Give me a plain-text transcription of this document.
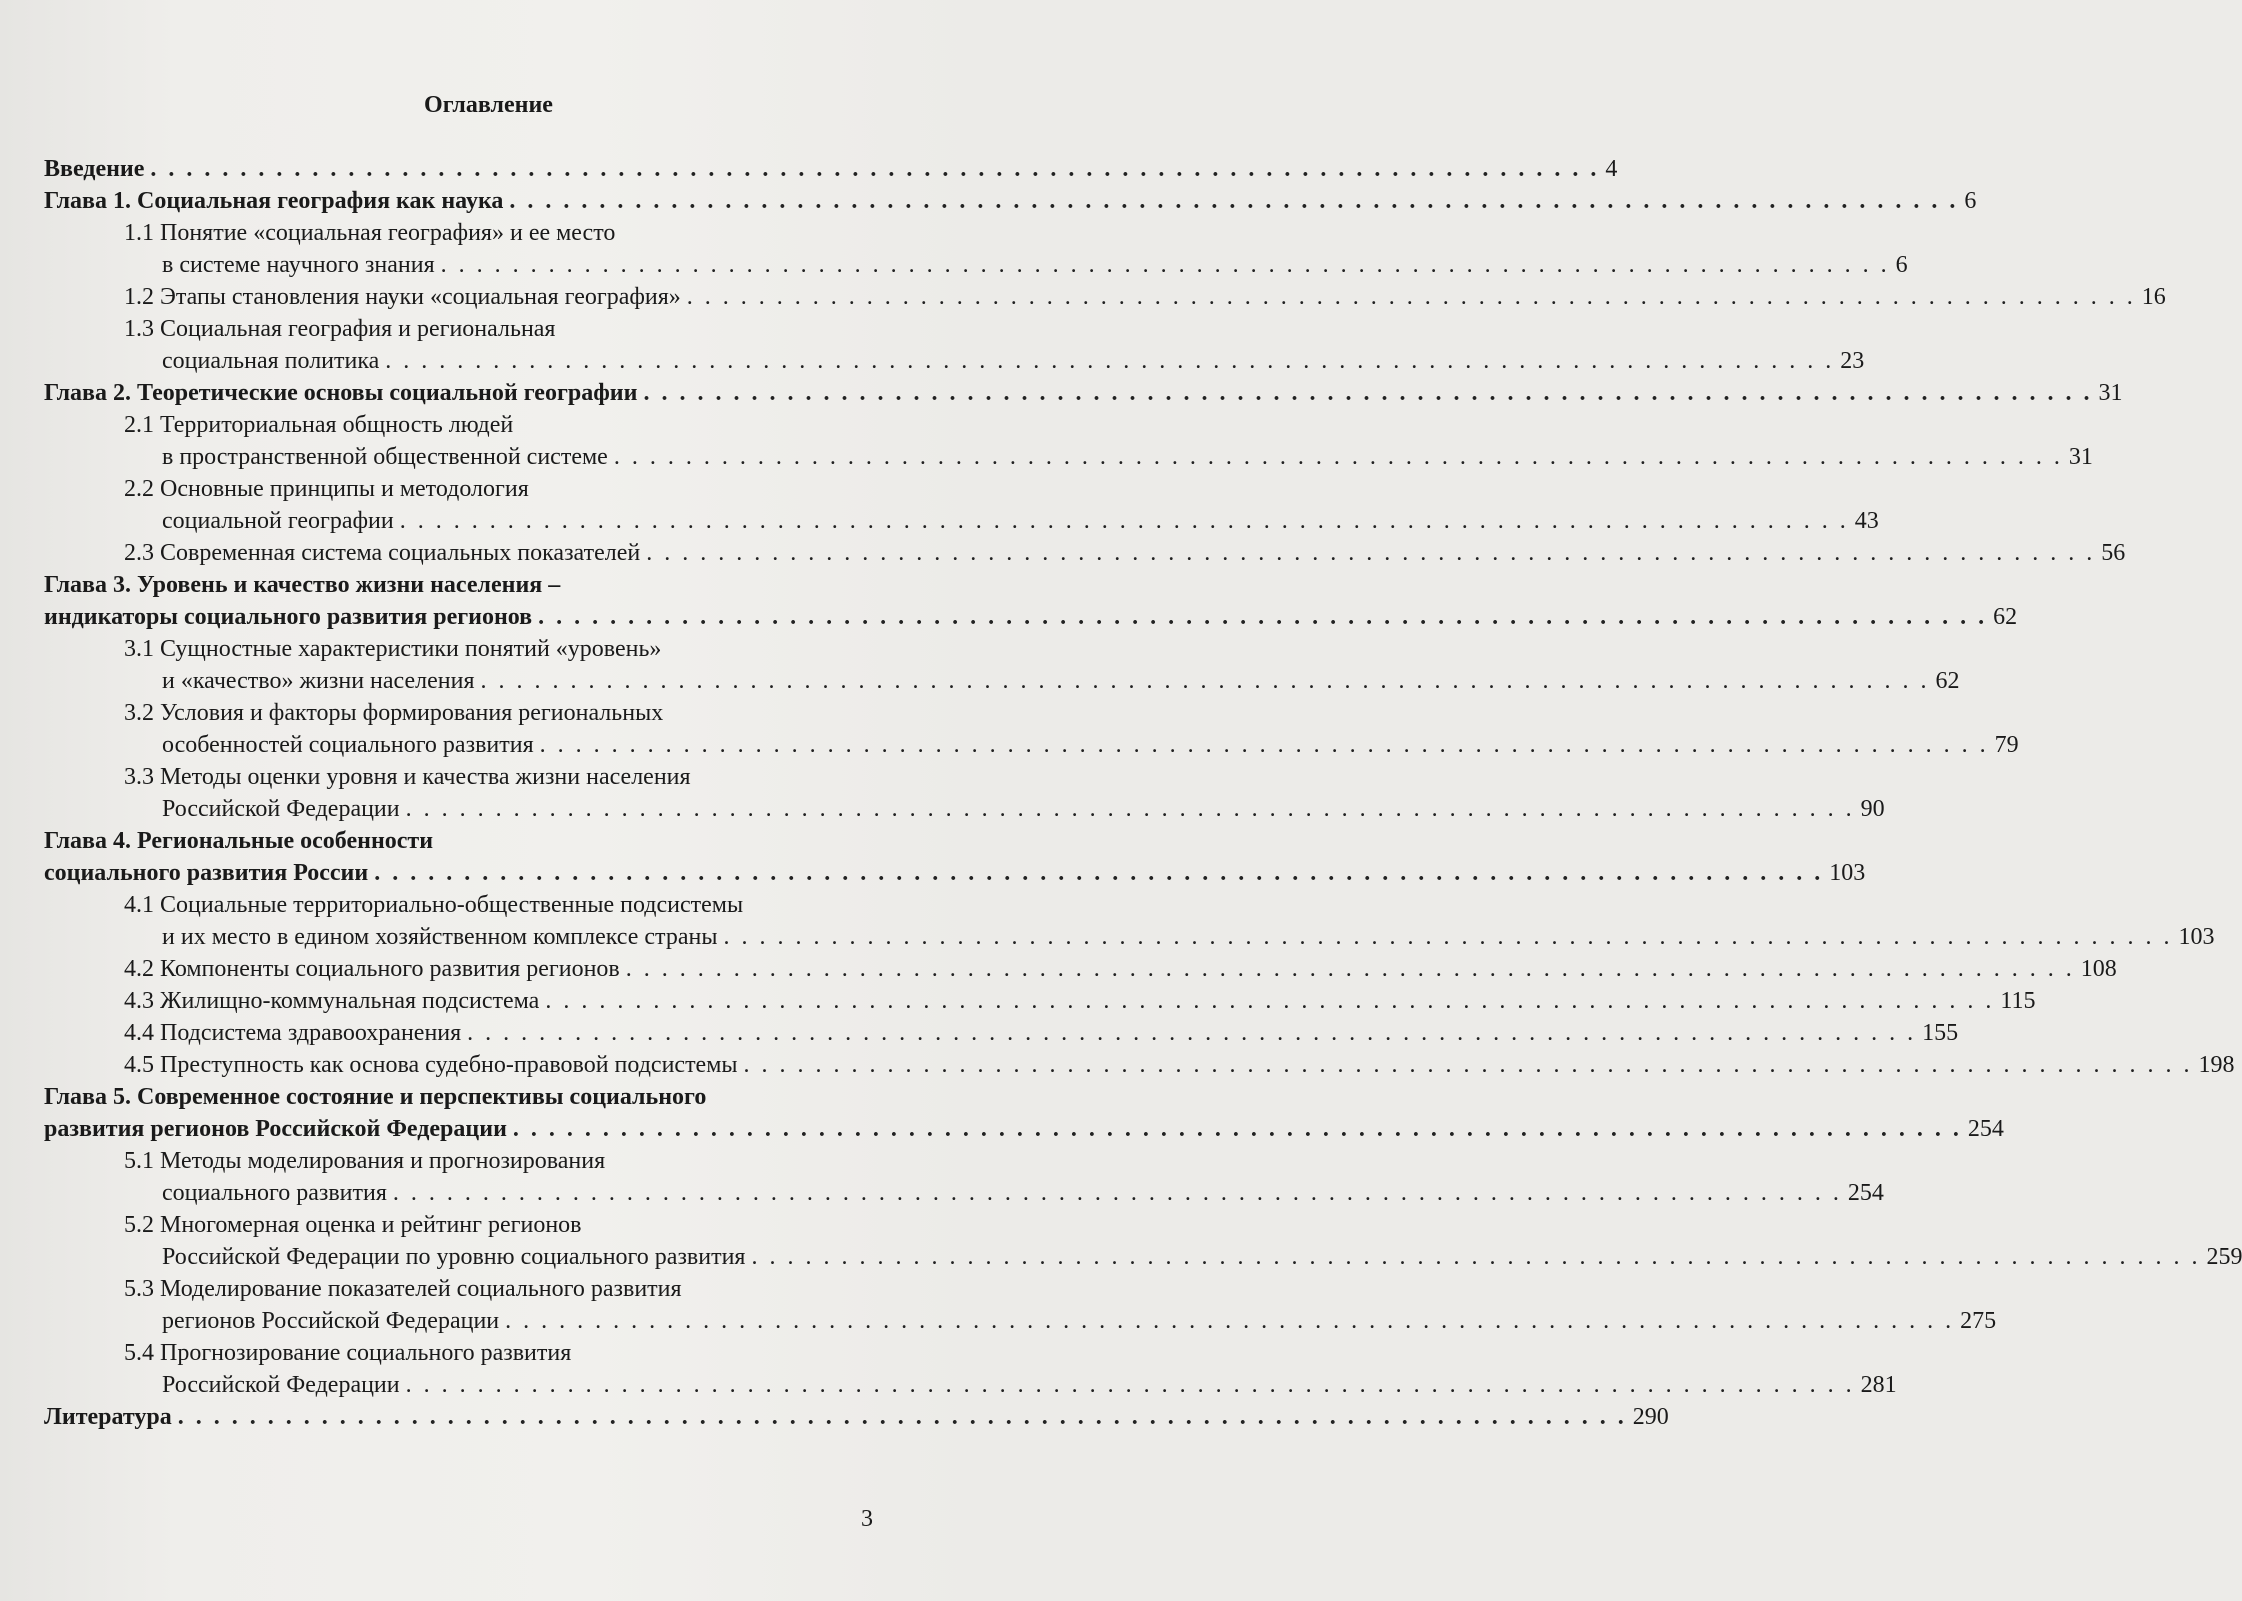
Оглавление
Введение . . . . . . . . . . . . . . . . . . . . . . . . . . . . . . . . . . . . . . . . . . . . . . . . . . . . . . . . . . . . . . . . . . . . . . . . . . . . . . . . . 4
Глава 1. Социальная география как наука . . . . . . . . . . . . . . . . . . . . . . . . . . . . . . . . . . . . . . . . . . . . . . . . . . . . . . . . . . . . . . . . . . . . . . . . . . . . . . . . . 6
1.1 Понятие «социальная география» и ее место
в системе научного знания . . . . . . . . . . . . . . . . . . . . . . . . . . . . . . . . . . . . . . . . . . . . . . . . . . . . . . . . . . . . . . . . . . . . . . . . . . . . . . . . . 6
1.2 Этапы становления науки «социальная география» . . . . . . . . . . . . . . . . . . . . . . . . . . . . . . . . . . . . . . . . . . . . . . . . . . . . . . . . . . . . . . . . . . . . . . . . . . . . . . . . . 16
1.3 Социальная география и региональная
социальная политика . . . . . . . . . . . . . . . . . . . . . . . . . . . . . . . . . . . . . . . . . . . . . . . . . . . . . . . . . . . . . . . . . . . . . . . . . . . . . . . . . 23
Глава 2. Теоретические основы социальной географии . . . . . . . . . . . . . . . . . . . . . . . . . . . . . . . . . . . . . . . . . . . . . . . . . . . . . . . . . . . . . . . . . . . . . . . . . . . . . . . . . 31
2.1 Территориальная общность людей
в пространственной общественной системе . . . . . . . . . . . . . . . . . . . . . . . . . . . . . . . . . . . . . . . . . . . . . . . . . . . . . . . . . . . . . . . . . . . . . . . . . . . . . . . . . 31
2.2 Основные принципы и методология
социальной географии . . . . . . . . . . . . . . . . . . . . . . . . . . . . . . . . . . . . . . . . . . . . . . . . . . . . . . . . . . . . . . . . . . . . . . . . . . . . . . . . . 43
2.3 Современная система социальных показателей . . . . . . . . . . . . . . . . . . . . . . . . . . . . . . . . . . . . . . . . . . . . . . . . . . . . . . . . . . . . . . . . . . . . . . . . . . . . . . . . . 56
Глава 3. Уровень и качество жизни населения –
индикаторы социального развития регионов . . . . . . . . . . . . . . . . . . . . . . . . . . . . . . . . . . . . . . . . . . . . . . . . . . . . . . . . . . . . . . . . . . . . . . . . . . . . . . . . . 62
3.1 Сущностные характеристики понятий «уровень»
и «качество» жизни населения . . . . . . . . . . . . . . . . . . . . . . . . . . . . . . . . . . . . . . . . . . . . . . . . . . . . . . . . . . . . . . . . . . . . . . . . . . . . . . . . . 62
3.2 Условия и факторы формирования региональных
особенностей социального развития . . . . . . . . . . . . . . . . . . . . . . . . . . . . . . . . . . . . . . . . . . . . . . . . . . . . . . . . . . . . . . . . . . . . . . . . . . . . . . . . . 79
3.3 Методы оценки уровня и качества жизни населения
Российской Федерации . . . . . . . . . . . . . . . . . . . . . . . . . . . . . . . . . . . . . . . . . . . . . . . . . . . . . . . . . . . . . . . . . . . . . . . . . . . . . . . . . 90
Глава 4. Региональные особенности
социального развития России . . . . . . . . . . . . . . . . . . . . . . . . . . . . . . . . . . . . . . . . . . . . . . . . . . . . . . . . . . . . . . . . . . . . . . . . . . . . . . . . . 103
4.1 Социальные территориально-общественные подсистемы
и их место в едином хозяйственном комплексе страны . . . . . . . . . . . . . . . . . . . . . . . . . . . . . . . . . . . . . . . . . . . . . . . . . . . . . . . . . . . . . . . . . . . . . . . . . . . . . . . . . 103
4.2 Компоненты социального развития регионов . . . . . . . . . . . . . . . . . . . . . . . . . . . . . . . . . . . . . . . . . . . . . . . . . . . . . . . . . . . . . . . . . . . . . . . . . . . . . . . . . 108
4.3 Жилищно-коммунальная подсистема . . . . . . . . . . . . . . . . . . . . . . . . . . . . . . . . . . . . . . . . . . . . . . . . . . . . . . . . . . . . . . . . . . . . . . . . . . . . . . . . . 115
4.4 Подсистема здравоохранения . . . . . . . . . . . . . . . . . . . . . . . . . . . . . . . . . . . . . . . . . . . . . . . . . . . . . . . . . . . . . . . . . . . . . . . . . . . . . . . . . 155
4.5 Преступность как основа судебно-правовой подсистемы . . . . . . . . . . . . . . . . . . . . . . . . . . . . . . . . . . . . . . . . . . . . . . . . . . . . . . . . . . . . . . . . . . . . . . . . . . . . . . . . . 198
Глава 5. Современное состояние и перспективы социального
развития регионов Российской Федерации . . . . . . . . . . . . . . . . . . . . . . . . . . . . . . . . . . . . . . . . . . . . . . . . . . . . . . . . . . . . . . . . . . . . . . . . . . . . . . . . . 254
5.1 Методы моделирования и прогнозирования
социального развития . . . . . . . . . . . . . . . . . . . . . . . . . . . . . . . . . . . . . . . . . . . . . . . . . . . . . . . . . . . . . . . . . . . . . . . . . . . . . . . . . 254
5.2 Многомерная оценка и рейтинг регионов
Российской Федерации по уровню социального развития . . . . . . . . . . . . . . . . . . . . . . . . . . . . . . . . . . . . . . . . . . . . . . . . . . . . . . . . . . . . . . . . . . . . . . . . . . . . . . . . . 259
5.3 Моделирование показателей социального развития
регионов Российской Федерации . . . . . . . . . . . . . . . . . . . . . . . . . . . . . . . . . . . . . . . . . . . . . . . . . . . . . . . . . . . . . . . . . . . . . . . . . . . . . . . . . 275
5.4 Прогнозирование социального развития
Российской Федерации . . . . . . . . . . . . . . . . . . . . . . . . . . . . . . . . . . . . . . . . . . . . . . . . . . . . . . . . . . . . . . . . . . . . . . . . . . . . . . . . . 281
Литература . . . . . . . . . . . . . . . . . . . . . . . . . . . . . . . . . . . . . . . . . . . . . . . . . . . . . . . . . . . . . . . . . . . . . . . . . . . . . . . . . 290
3
